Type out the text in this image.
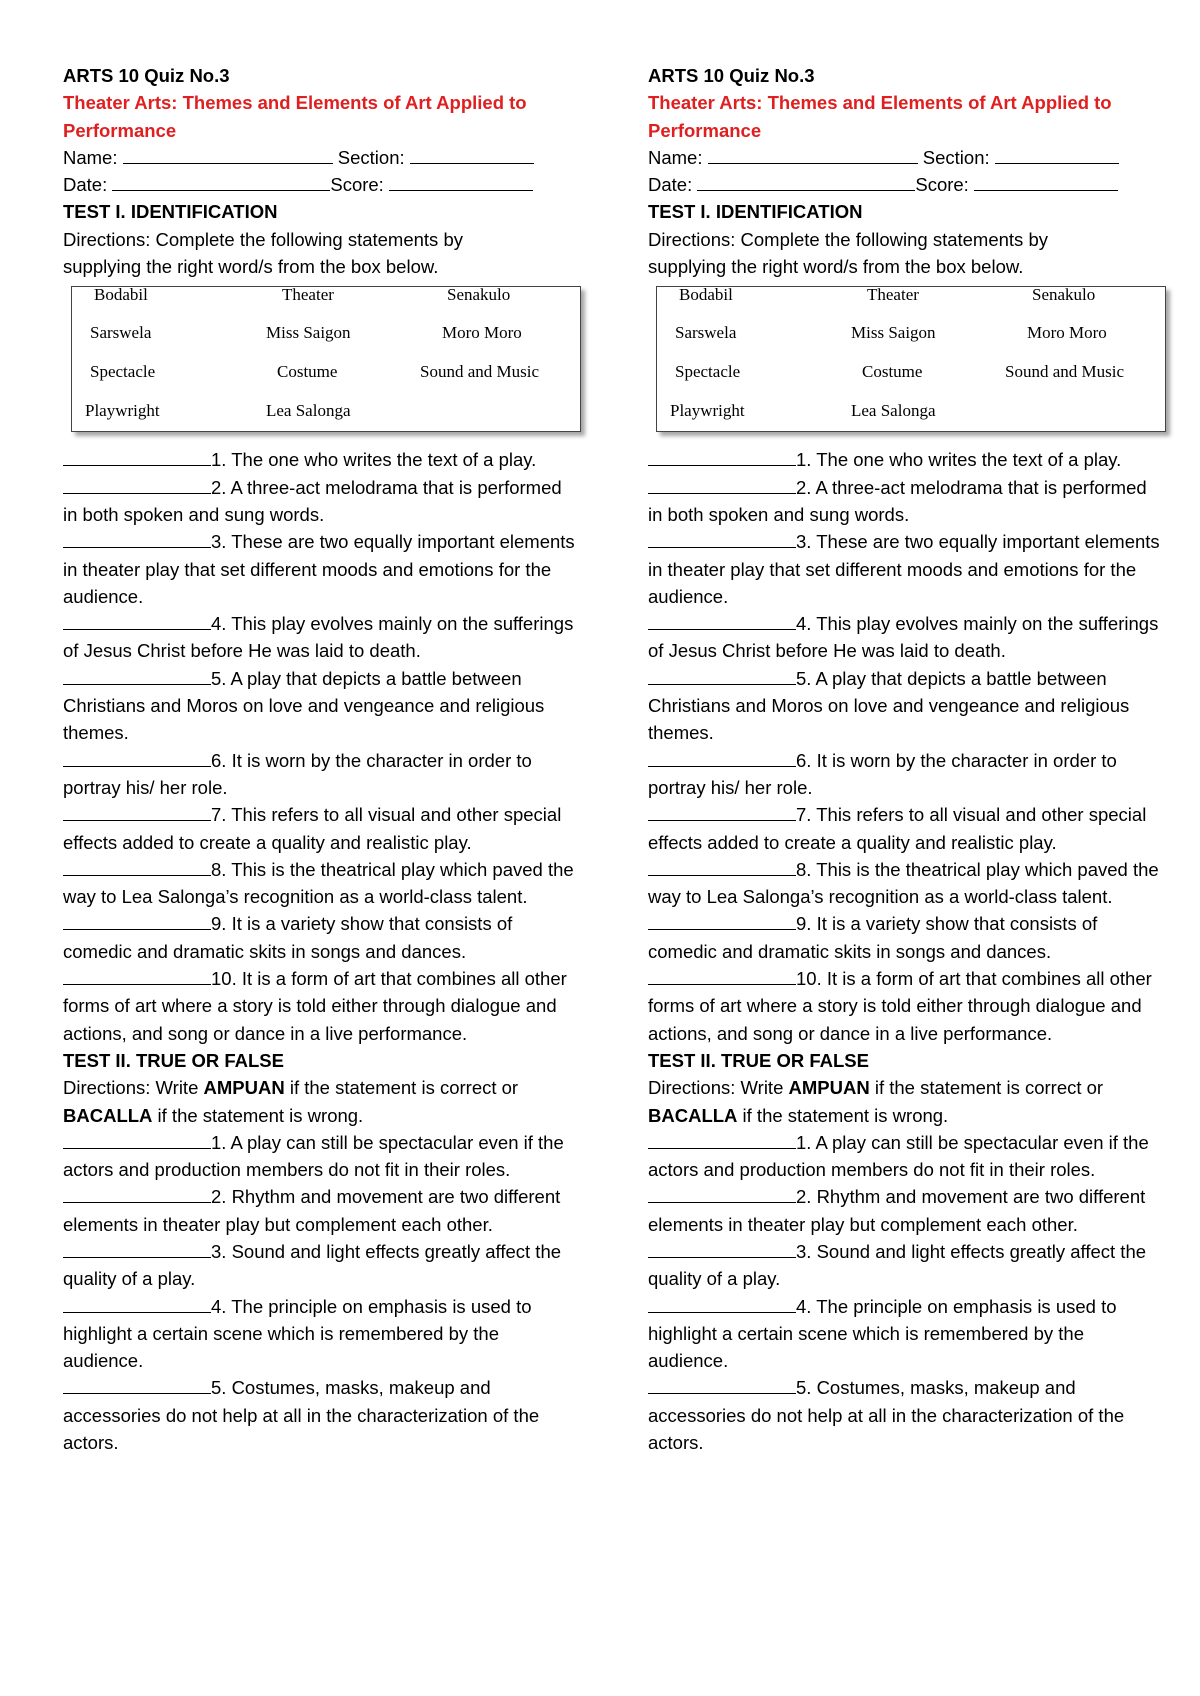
ARTS 10 Quiz No.3
Theater Arts: Themes and Elements of Art Applied to
Performance
Name:	Section:
Date:	Score:
TEST I. IDENTIFICATION
Directions: Complete the following statements by
supplying the right word/s from the box below.
Bodabil	Theater	Senakulo
Sarswela	Miss Saigon	Moro Moro
Spectacle	Costume	Sound and Music
Playwright	Lea Salonga
1. The one who writes the text of a play.
2. A three-act melodrama that is performed in both spoken and sung words.
3. These are two equally important elements in theater play that set different moods and emotions for the audience.
4. This play evolves mainly on the sufferings of Jesus Christ before He was laid to death.
5. A play that depicts a battle between Christians and Moros on love and vengeance and religious themes.
6. It is worn by the character in order to portray his/ her role.
7. This refers to all visual and other special effects added to create a quality and realistic play.
8. This is the theatrical play which paved the way to Lea Salonga’s recognition as a world-class talent.
9. It is a variety show that consists of comedic and dramatic skits in songs and dances.
10. It is a form of art that combines all other forms of art where a story is told either through dialogue and actions, and song or dance in a live performance.
TEST II. TRUE OR FALSE
Directions: Write AMPUAN if the statement is correct or
BACALLA if the statement is wrong.
1. A play can still be spectacular even if the actors and production members do not fit in their roles.
2. Rhythm and movement are two different elements in theater play but complement each other.
3. Sound and light effects greatly affect the quality of a play.
4. The principle on emphasis is used to highlight a certain scene which is remembered by the audience.
5. Costumes, masks, makeup and accessories do not help at all in the characterization of the actors.
ARTS 10 Quiz No.3
Theater Arts: Themes and Elements of Art Applied to
Performance
Name:	Section:
Date:	Score:
TEST I. IDENTIFICATION
Directions: Complete the following statements by
supplying the right word/s from the box below.
Bodabil	Theater	Senakulo
Sarswela	Miss Saigon	Moro Moro
Spectacle	Costume	Sound and Music
Playwright	Lea Salonga
1. The one who writes the text of a play.
2. A three-act melodrama that is performed in both spoken and sung words.
3. These are two equally important elements in theater play that set different moods and emotions for the audience.
4. This play evolves mainly on the sufferings of Jesus Christ before He was laid to death.
5. A play that depicts a battle between Christians and Moros on love and vengeance and religious themes.
6. It is worn by the character in order to portray his/ her role.
7. This refers to all visual and other special effects added to create a quality and realistic play.
8. This is the theatrical play which paved the way to Lea Salonga’s recognition as a world-class talent.
9. It is a variety show that consists of comedic and dramatic skits in songs and dances.
10. It is a form of art that combines all other forms of art where a story is told either through dialogue and actions, and song or dance in a live performance.
TEST II. TRUE OR FALSE
Directions: Write AMPUAN if the statement is correct or
BACALLA if the statement is wrong.
1. A play can still be spectacular even if the actors and production members do not fit in their roles.
2. Rhythm and movement are two different elements in theater play but complement each other.
3. Sound and light effects greatly affect the quality of a play.
4. The principle on emphasis is used to highlight a certain scene which is remembered by the audience.
5. Costumes, masks, makeup and accessories do not help at all in the characterization of the actors.
